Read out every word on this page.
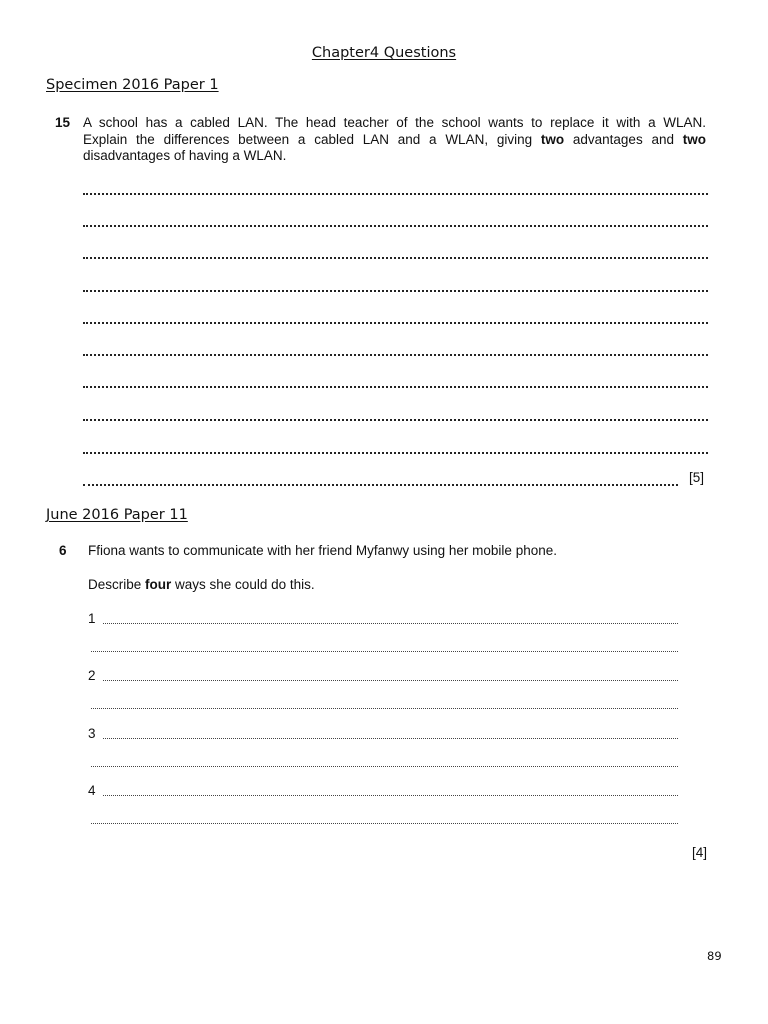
Chapter4 Questions
Specimen 2016 Paper 1
15 A school has a cabled LAN. The head teacher of the school wants to replace it with a WLAN.
Explain the differences between a cabled LAN and a WLAN, giving two advantages and two
disadvantages of having a WLAN.
[5]
June 2016 Paper 11
6 Ffiona wants to communicate with her friend Myfanwy using her mobile phone.
Describe four ways she could do this.
1
2
3
4
[4]
89
